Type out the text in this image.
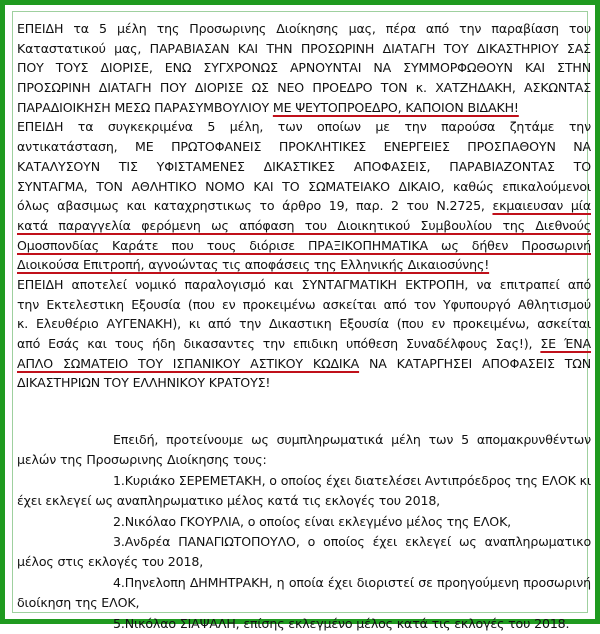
ΕΠΕΙΔΗ τα 5 μέλη της Προσωρινης Διοίκησης μας, πέρα από την παραβίαση του
Καταστατικού μας, ΠΑΡΑΒΙΑΣΑΝ ΚΑΙ ΤΗΝ ΠΡΟΣΩΡΙΝΗ ΔΙΑΤΑΓΗ ΤΟΥ ΔΙΚΑΣΤΗΡΙΟΥ ΣΑΣ
ΠΟΥ ΤΟΥΣ ΔΙΟΡΙΣΕ, ΕΝΩ ΣΥΓΧΡΟΝΩΣ ΑΡΝΟΥΝΤΑΙ ΝΑ ΣΥΜΜΟΡΦΩΘΟΥΝ ΚΑΙ ΣΤΗΝ
ΠΡΟΣΩΡΙΝΗ ΔΙΑΤΑΓΗ ΠΟΥ ΔΙΟΡΙΣΕ ΩΣ ΝΕΟ ΠΡΟΕΔΡΟ ΤΟΝ κ. ΧΑΤΖΗΔΑΚΗ, ΑΣΚΩΝΤΑΣ
ΠΑΡΑΔΙΟΙΚΗΣΗ ΜΕΣΩ ΠΑΡΑΣΥΜΒΟΥΛΙΟΥ ΜΕ ΨΕΥΤΟΠΡΟΕΔΡΟ, ΚΑΠΟΙΟΝ ΒΙΔΑΚΗ!
ΕΠΕΙΔΗ τα συγκεκριμένα 5 μέλη, των οποίων με την παρούσα ζητάμε την
αντικατάσταση, ΜΕ ΠΡΩΤΟΦΑΝΕΙΣ ΠΡΟΚΛΗΤΙΚΕΣ ΕΝΕΡΓΕΙΕΣ ΠΡΟΣΠΑΘΟΥΝ ΝΑ
ΚΑΤΑΛΥΣΟΥΝ ΤΙΣ ΥΦΙΣΤΑΜΕΝΕΣ ΔΙΚΑΣΤΙΚΕΣ ΑΠΟΦΑΣΕΙΣ, ΠΑΡΑΒΙΑΖΟΝΤΑΣ ΤΟ
ΣΥΝΤΑΓΜΑ, ΤΟΝ ΑΘΛΗΤΙΚΟ ΝΟΜΟ ΚΑΙ ΤΟ ΣΩΜΑΤΕΙΑΚΟ ΔΙΚΑΙΟ, καθώς επικαλούμενοι
όλως αβασιμως και καταχρηστικως το άρθρο 19, παρ. 2 του Ν.2725, εκμαιευσαν μία
κατά παραγγελία φερόμενη ως απόφαση του Διοικητικού Συμβουλίου της Διεθνούς
Ομοσπονδίας Καράτε που τους διόρισε ΠΡΑΞΙΚΟΠΗΜΑΤΙΚΑ ως δήθεν Προσωρινή
Διοικούσα Επιτροπή, αγνοώντας τις αποφάσεις της Ελληνικής Δικαιοσύνης!
ΕΠΕΙΔΗ αποτελεί νομικό παραλογισμό και ΣΥΝΤΑΓΜΑΤΙΚΗ ΕΚΤΡΟΠΗ, να επιτραπεί από
την Εκτελεστικη Εξουσία (που εν προκειμένω ασκείται από τον Υφυπουργό Αθλητισμού
κ. Ελευθέριο ΑΥΓΕΝΑΚΗ), κι από την Δικαστικη Εξουσία (που εν προκειμένω, ασκείται
από Εσάς και τους ήδη δικασαντες την επιδικη υπόθεση Συναδέλφους Σας!), ΣΕ ΈΝΑ
ΑΠΛΟ ΣΩΜΑΤΕΙΟ ΤΟΥ ΙΣΠΑΝΙΚΟΥ ΑΣΤΙΚΟΥ ΚΩΔΙΚΑ ΝΑ ΚΑΤΑΡΓΗΣΕΙ ΑΠΟΦΑΣΕΙΣ ΤΩΝ
ΔΙΚΑΣΤΗΡΙΩΝ ΤΟΥ ΕΛΛΗΝΙΚΟΥ ΚΡΑΤΟΥΣ!
Επειδή, προτείνουμε ως συμπληρωματικά μέλη των 5 απομακρυνθέντων
μελών της Προσωρινης Διοίκησης τους:
1.Κυριάκο ΣΕΡΕΜΕΤΑΚΗ, ο οποίος έχει διατελέσει Αντιπρόεδρος της ΕΛΟΚ κι
έχει εκλεγεί ως αναπληρωματικο μέλος κατά τις εκλογές του 2018,
2.Νικόλαο ΓΚΟΥΡΛΙΑ, ο οποίος είναι εκλεγμένο μέλος της ΕΛΟΚ,
3.Ανδρέα ΠΑΝΑΓΙΩΤΟΠΟΥΛΟ, ο οποίος έχει εκλεγεί ως αναπληρωματικο
μέλος στις εκλογές του 2018,
4.Πηνελοπη ΔΗΜΗΤΡΑΚΗ, η οποία έχει διοριστεί σε προηγούμενη προσωρινή
διοίκηση της ΕΛΟΚ,
5.Νικόλαο ΣΙΑΨΑΛΗ, επίσης εκλεγμένο μέλος κατά τις εκλογές του 2018.
